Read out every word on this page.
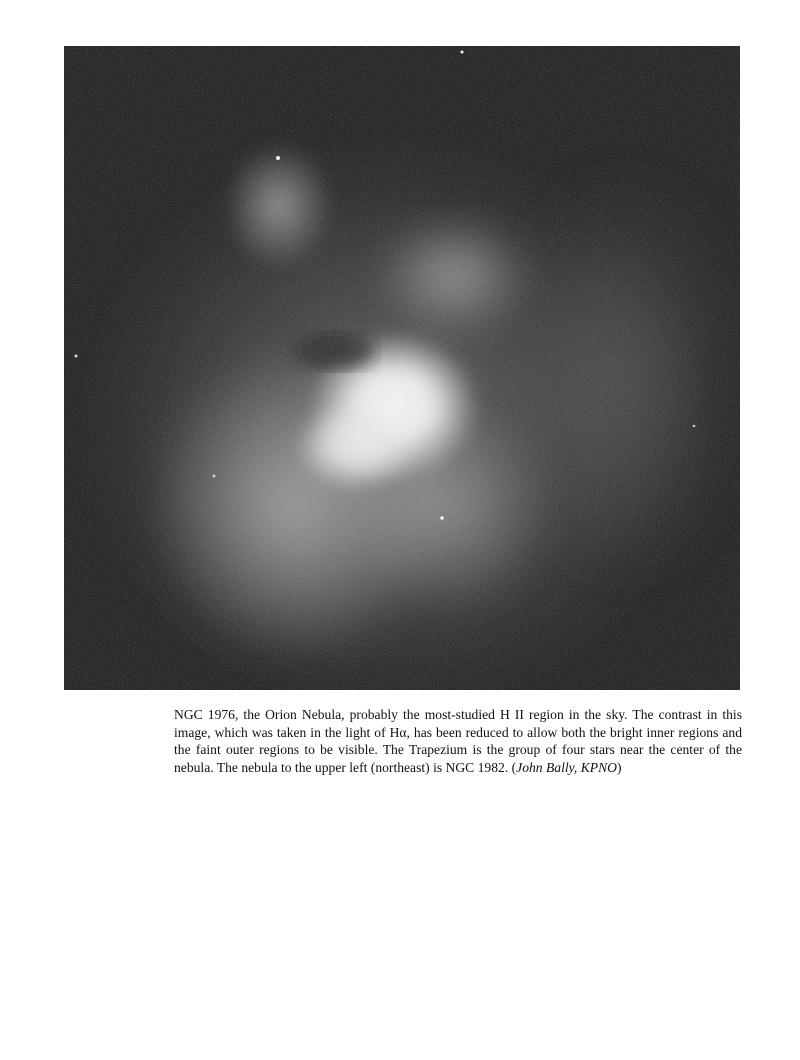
NGC 1976, the Orion Nebula, probably the most-studied H II region in the sky. The contrast in this image, which was taken in the light of Hα, has been reduced to allow both the bright inner regions and the faint outer regions to be visible. The Trapezium is the group of four stars near the center of the nebula. The nebula to the upper left (northeast) is NGC 1982. (John Bally, KPNO)
